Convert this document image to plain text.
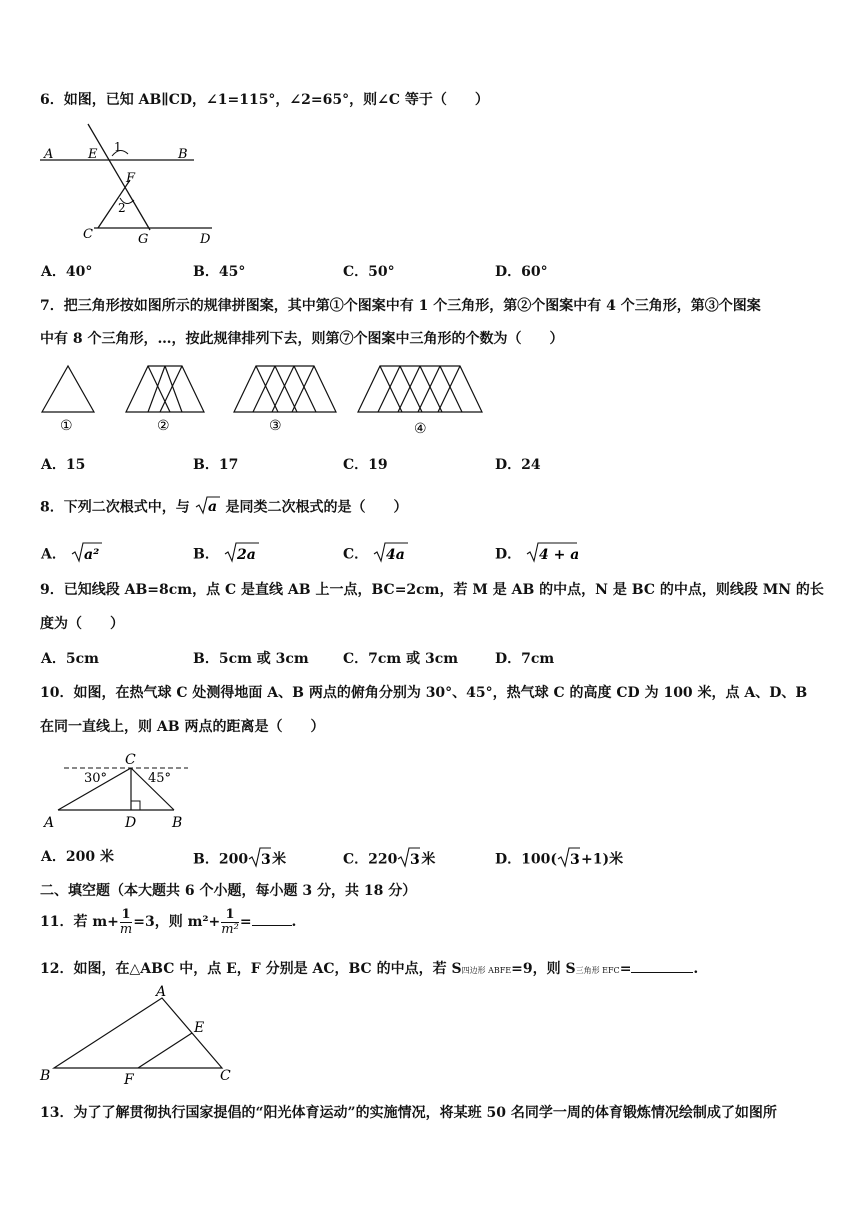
6．如图，已知 AB∥CD，∠1=115°，∠2=65°，则∠C 等于（　　）
A	E 1	B
F
2
C	G	D
A．40°	B．45°	C．50°	D．60°
7．把三角形按如图所示的规律拼图案，其中第①个图案中有 1 个三角形，第②个图案中有 4 个三角形，第③个图案
中有 8 个三角形，…，按此规律排列下去，则第⑦个图案中三角形的个数为（　　）
①	②	③	④
A．15	B．17	C．19	D．24
8．下列二次根式中，与 a 是同类二次根式的是（　　）
A． a²	B． 2a	C． 4a	D． 4 + a
9．已知线段 AB=8cm，点 C 是直线 AB 上一点，BC=2cm，若 M 是 AB 的中点，N 是 BC 的中点，则线段 MN 的长
度为（　　）
A．5cm	B．5cm 或 3cm C．7cm 或 3cm	D．7cm
10．如图，在热气球 C 处测得地面 A、B 两点的俯角分别为 30°、45°，热气球 C 的高度 CD 为 100 米，点 A、D、B
在同一直线上，则 AB 两点的距离是（　　）
C
30°	45°
A	D	B
A．200 米	B．200 3 米	C．220 3 米	D．100( 3 +1)米
二、填空题（本大题共 6 个小题，每小题 3 分，共 18 分）
11．若 $m+ \frac{1}{m} =3$，则 $m^2+ \frac{1}{\text{m²}}$ =	.
12．如图，在△ABC 中，点 E，F 分别是 AC，BC 的中点，若 S四边形 ABFE=9，则 S三角形 EFC=	.
A
E
B	F	C
13．为了了解贯彻执行国家提倡的“阳光体育运动”的实施情况，将某班 50 名同学一周的体育锻炼情况绘制成了如图所
